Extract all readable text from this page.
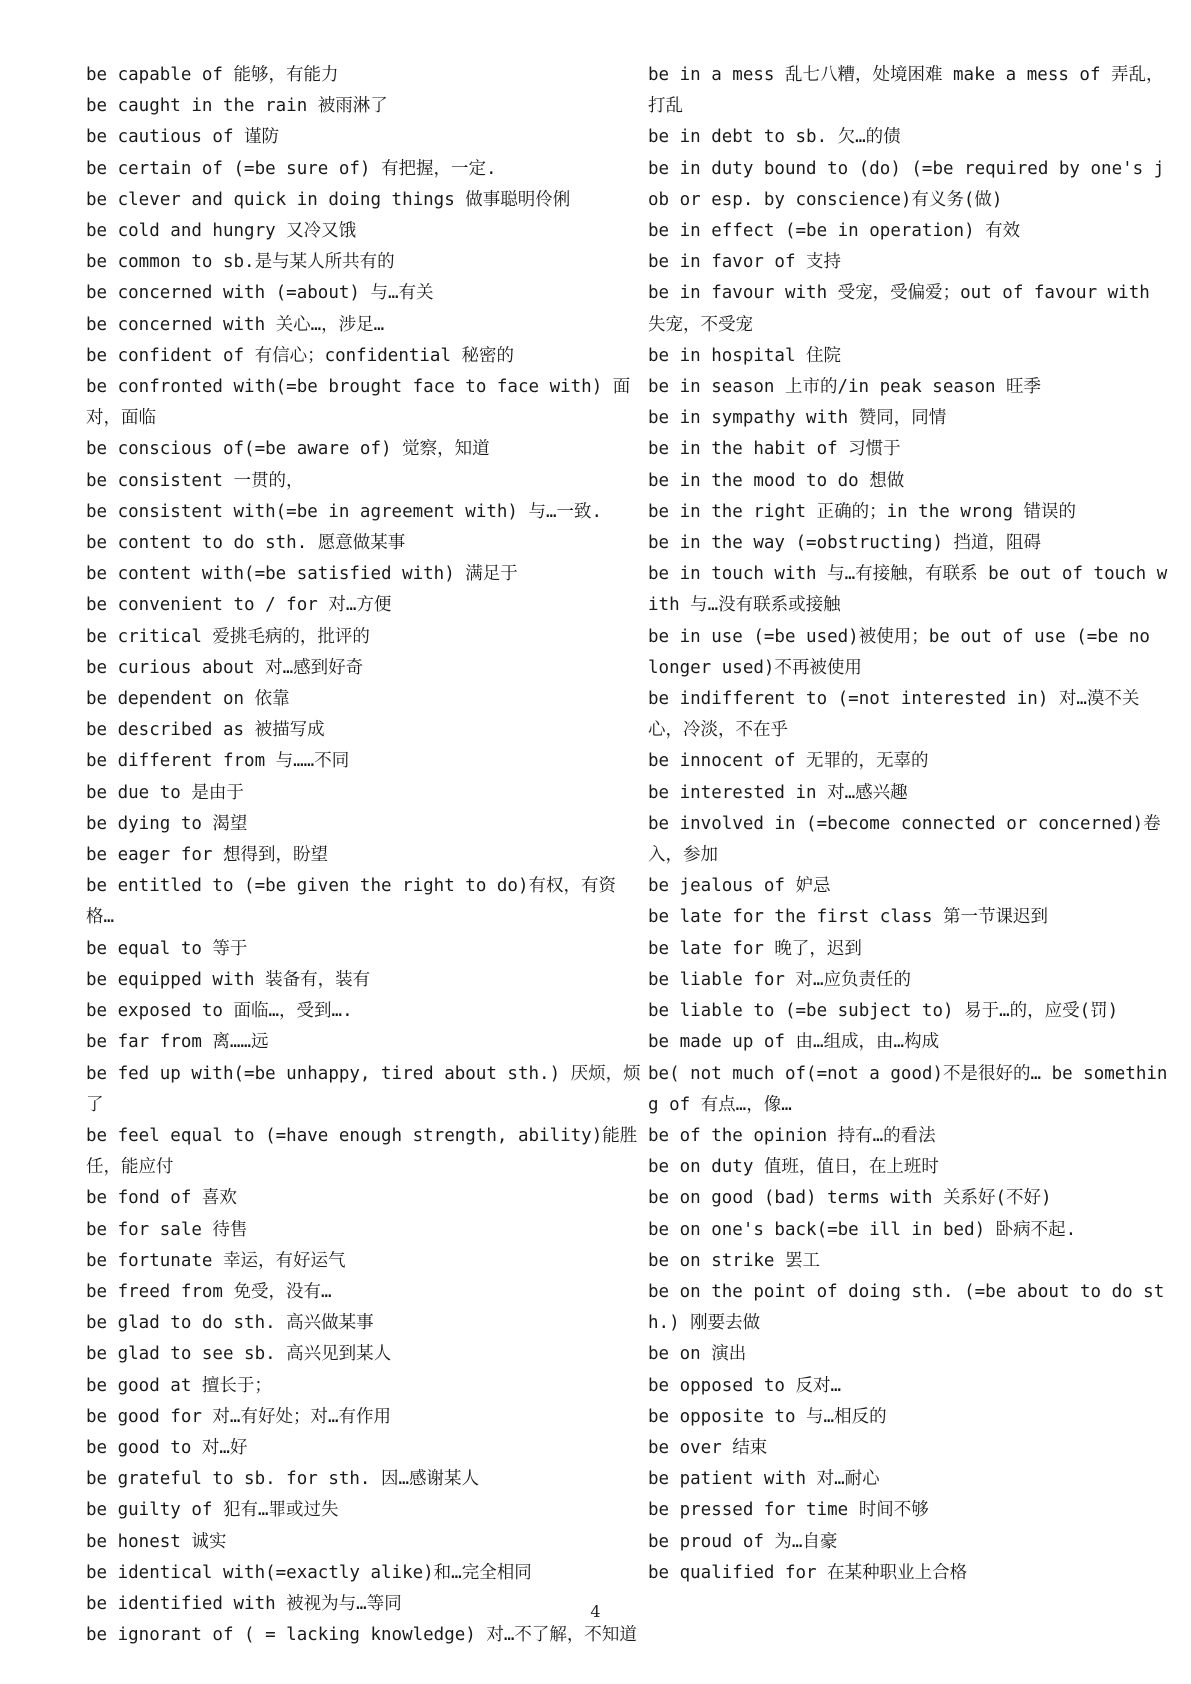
be capable of 能够，有能力

be caught in the rain 被雨淋了

be cautious of 谨防

be certain of (=be sure of) 有把握，一定.

be clever and quick in doing things 做事聪明伶俐

be cold and hungry 又冷又饿

be common to sb.是与某人所共有的

be concerned with (=about) 与…有关

be concerned with 关心…，涉足…

be confident of 有信心；confidential 秘密的

be confronted with(=be brought face to face with) 面对，面临

be conscious of(=be aware of) 觉察，知道

be consistent 一贯的，

be consistent with(=be in agreement with) 与…一致.

be content to do sth. 愿意做某事

be content with(=be satisfied with) 满足于

be convenient to / for 对…方便

be critical 爱挑毛病的，批评的

be curious about 对…感到好奇

be dependent on 依靠

be described as 被描写成

be different from 与……不同

be due to 是由于

be dying to 渴望

be eager for 想得到，盼望

be entitled to (=be given the right to do)有权，有资格…

be equal to 等于

be equipped with 装备有，装有

be exposed to 面临…，受到….

be far from 离……远

be fed up with(=be unhappy, tired about sth.) 厌烦，烦了

be feel equal to (=have enough strength, ability)能胜任，能应付

be fond of 喜欢

be for sale 待售

be fortunate 幸运，有好运气

be freed from 免受，没有…

be glad to do sth. 高兴做某事

be glad to see sb. 高兴见到某人

be good at 擅长于；

be good for 对…有好处；对…有作用

be good to 对…好

be grateful to sb. for sth. 因…感谢某人

be guilty of 犯有…罪或过失

be honest 诚实

be identical with(=exactly alike)和…完全相同

be identified with 被视为与…等同

be ignorant of ( = lacking knowledge) 对…不了解，不知道

be in a mess 乱七八糟，处境困难 make a mess of 弄乱，打乱

be in debt to sb. 欠…的债

be in duty bound to (do) (=be required by one's job or esp. by conscience)有义务(做)

be in effect (=be in operation) 有效

be in favor of 支持

be in favour with 受宠，受偏爱；out of favour with 失宠，不受宠

be in hospital 住院

be in season 上市的/in peak season 旺季

be in sympathy with 赞同，同情

be in the habit of 习惯于

be in the mood to do 想做

be in the right 正确的；in the wrong 错误的

be in the way (=obstructing) 挡道，阻碍

be in touch with 与…有接触，有联系 be out of touch with 与…没有联系或接触

be in use (=be used)被使用；be out of use (=be no longer used)不再被使用

be indifferent to (=not interested in) 对…漠不关心，冷淡，不在乎

be innocent of 无罪的，无辜的

be interested in 对…感兴趣

be involved in (=become connected or concerned)卷入，参加

be jealous of 妒忌

be late for the first class 第一节课迟到

be late for 晚了，迟到

be liable for 对…应负责任的

be liable to (=be subject to) 易于…的，应受(罚)

be made up of 由…组成，由…构成

be( not much of(=not a good)不是很好的… be something of 有点…，像…

be of the opinion 持有…的看法

be on duty 值班，值日，在上班时

be on good (bad) terms with 关系好(不好)

be on one's back(=be ill in bed) 卧病不起.

be on strike 罢工

be on the point of doing sth. (=be about to do sth.) 刚要去做

be on 演出

be opposed to 反对…

be opposite to 与…相反的

be over 结束

be patient with 对…耐心

be pressed for time 时间不够

be proud of 为…自豪

be qualified for 在某种职业上合格

4
